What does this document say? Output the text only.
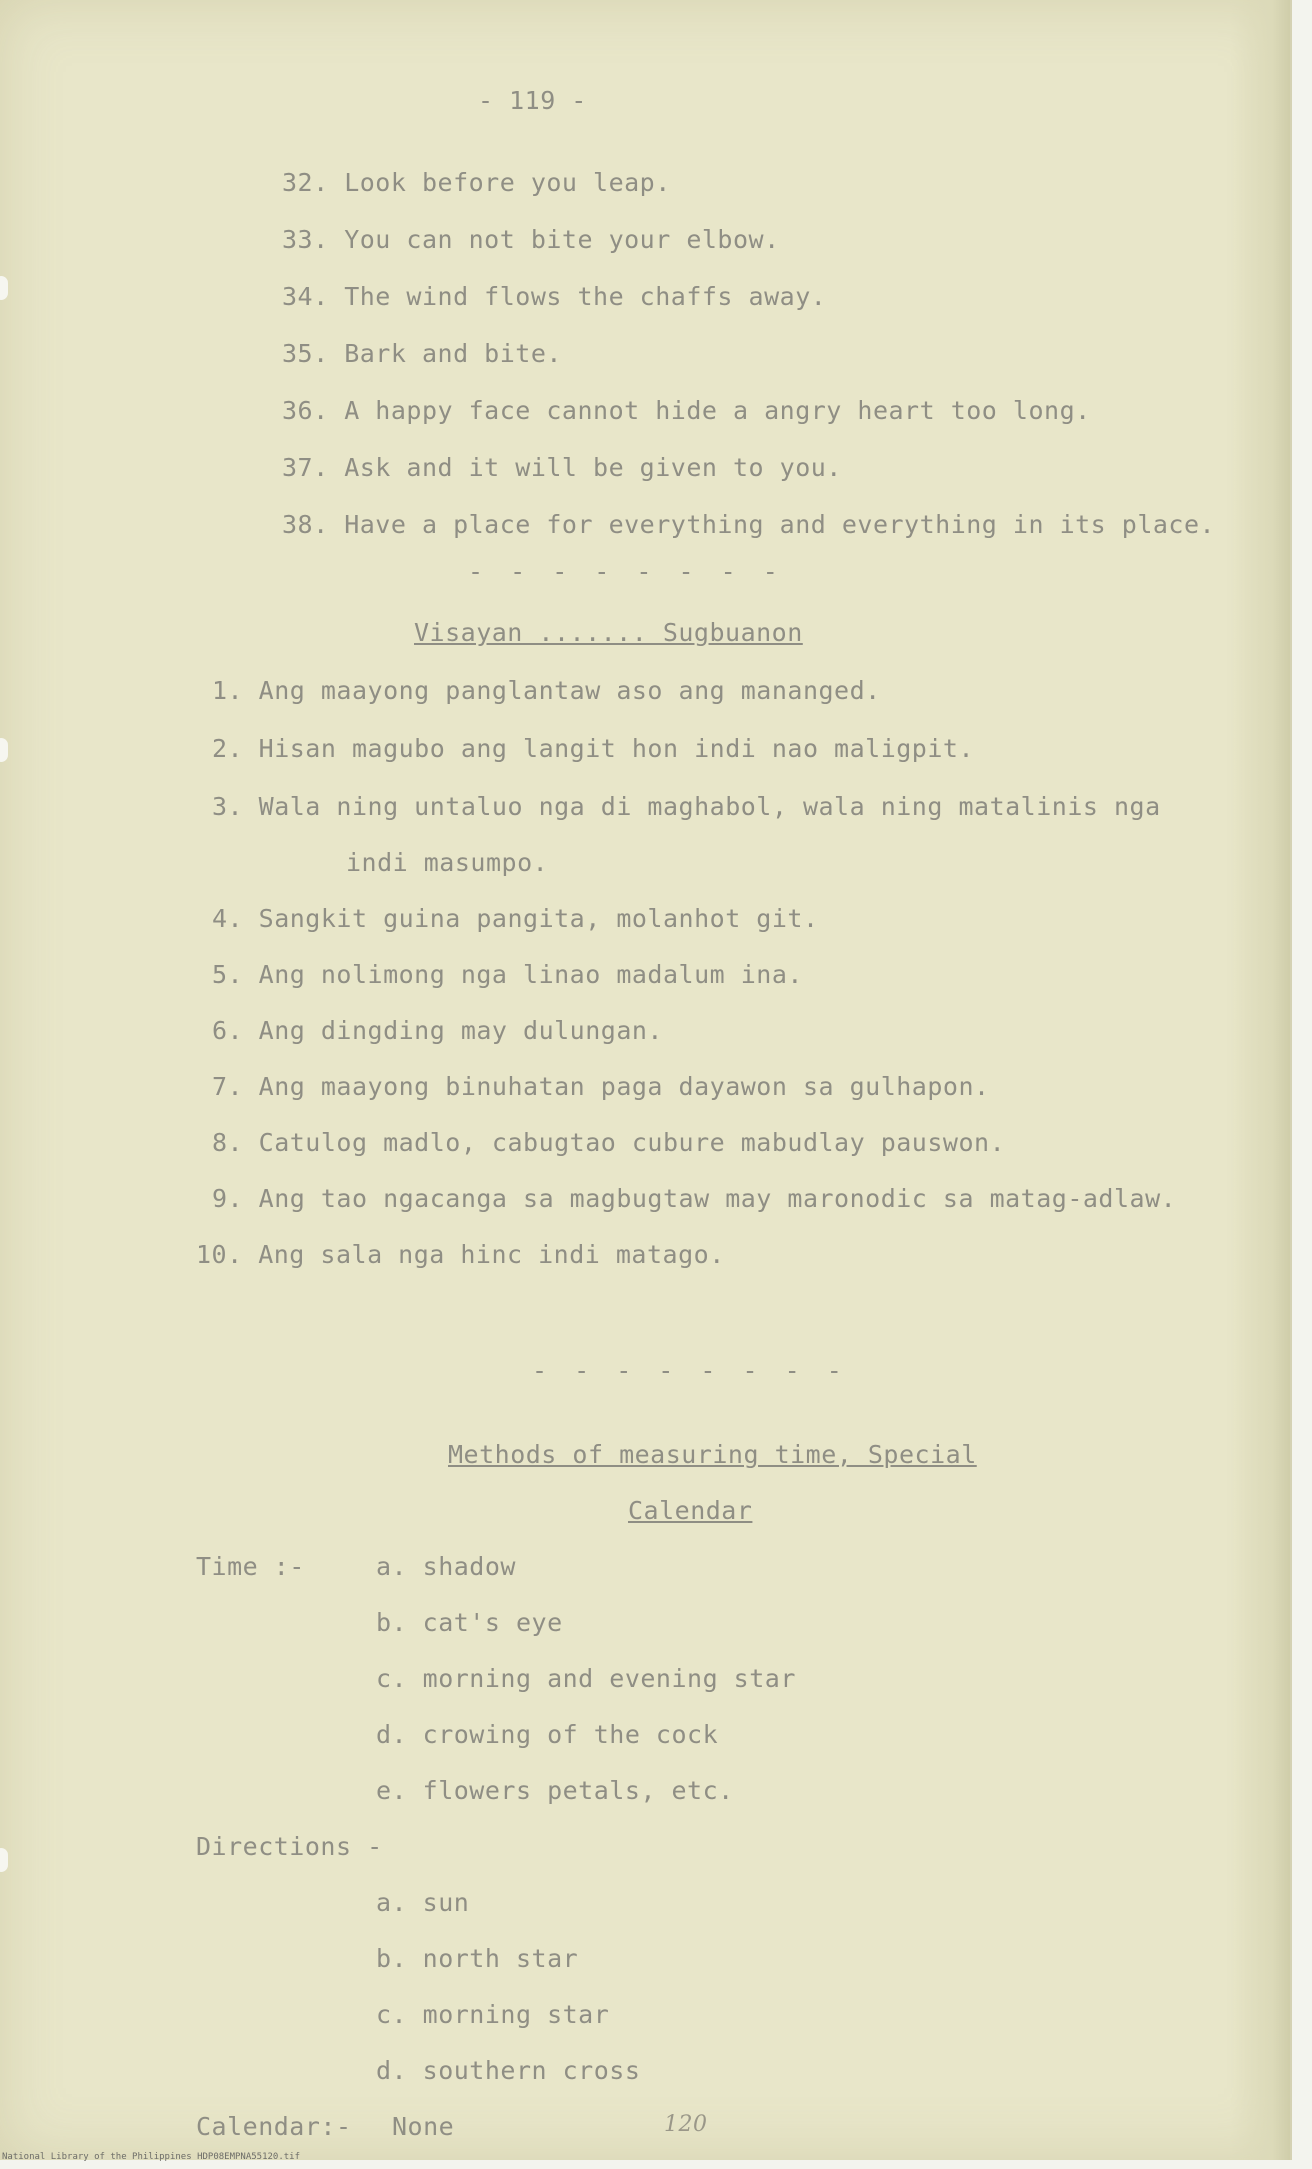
- 119 -
32. Look before you leap.
33. You can not bite your elbow.
34. The wind flows the chaffs away.
35. Bark and bite.
36. A happy face cannot hide a angry heart too long.
37. Ask and it will be given to you.
38. Have a place for everything and everything in its place.
- - - - - - - -
Visayan ....... Sugbuanon
1. Ang maayong panglantaw aso ang mananged.
2. Hisan magubo ang langit hon indi nao maligpit.
3. Wala ning untaluo nga di maghabol, wala ning matalinis nga
indi masumpo.
4. Sangkit guina pangita, molanhot git.
5. Ang nolimong nga linao madalum ina.
6. Ang dingding may dulungan.
7. Ang maayong binuhatan paga dayawon sa gulhapon.
8. Catulog madlo, cabugtao cubure mabudlay pauswon.
9. Ang tao ngacanga sa magbugtaw may maronodic sa matag-adlaw.
10. Ang sala nga hinc indi matago.
- - - - - - - -
Methods of measuring time, Special
Calendar
Time :-	a. shadow
b. cat's eye
c. morning and evening star
d. crowing of the cock
e. flowers petals, etc.
Directions -
a. sun
b. north star
c. morning star
d. southern cross
Calendar:- None	120
National Library of the Philippines HDP08EMPNA55120.tif
